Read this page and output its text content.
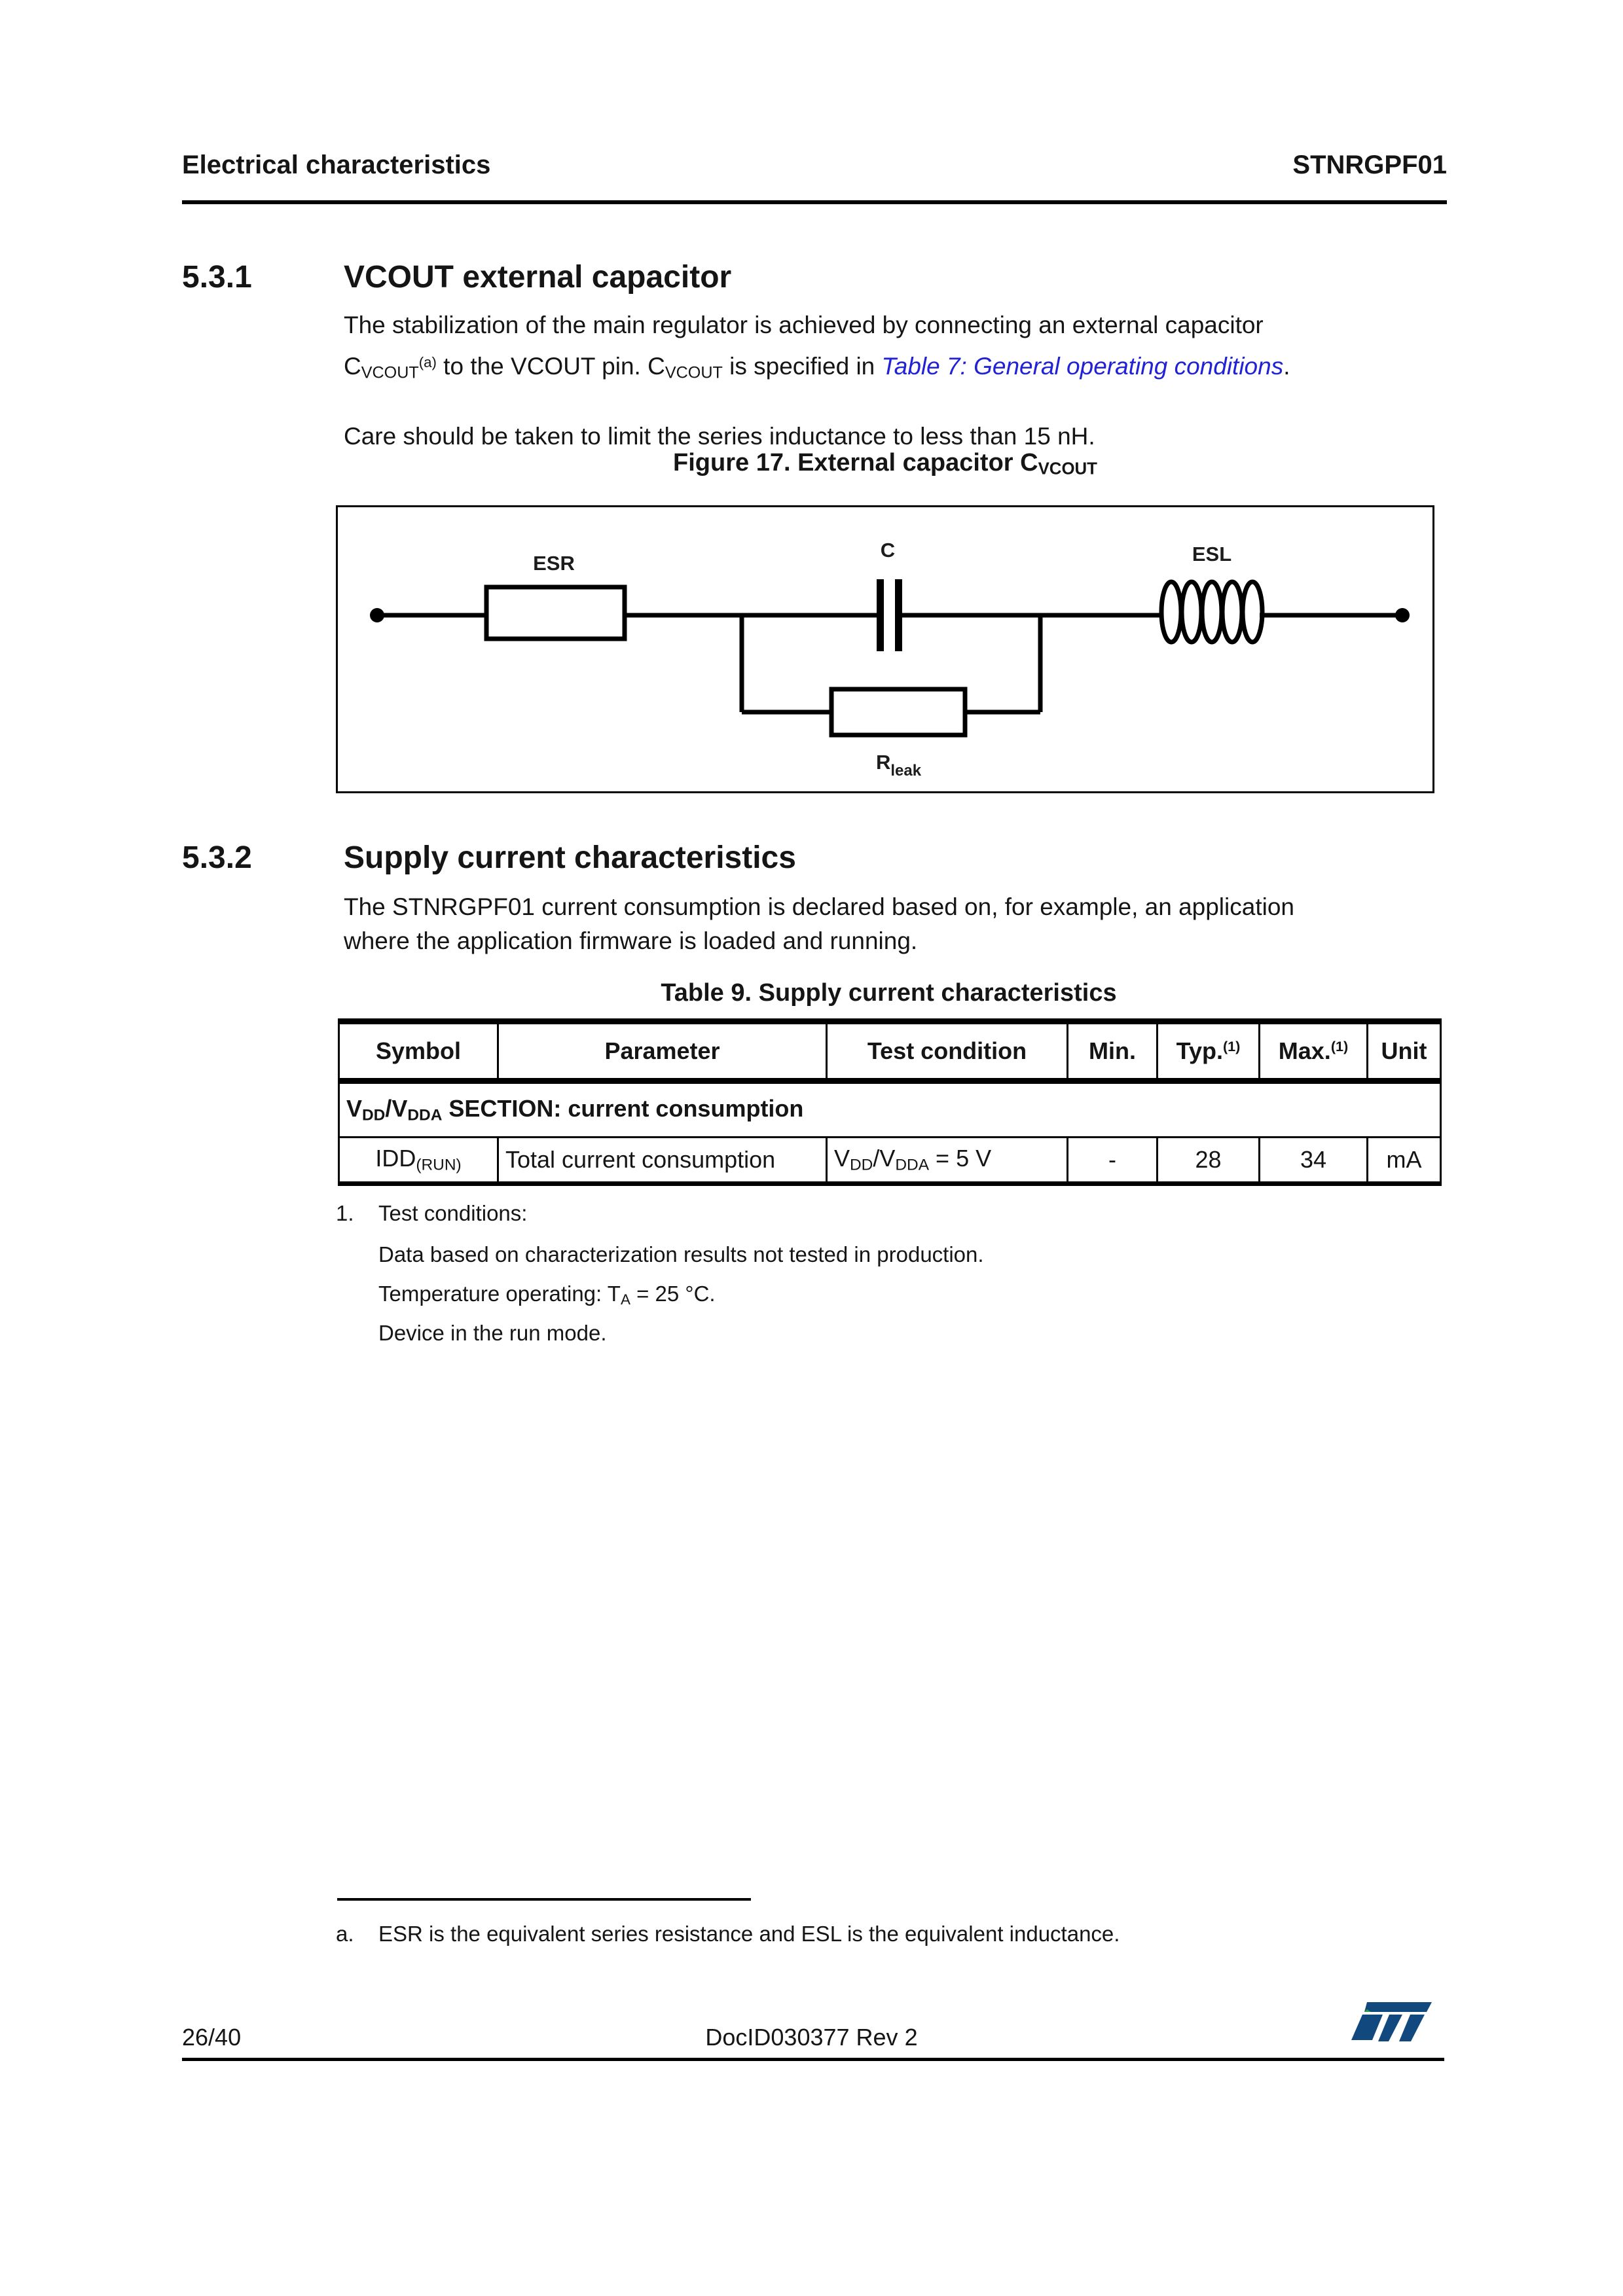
Electrical characteristics	STNRGPF01
5.3.1	VCOUT external capacitor
The stabilization of the main regulator is achieved by connecting an external capacitor
CVCOUT$^{(a)}$ to the VCOUT pin. CVCOUT is specified in Table 7: General operating conditions.
Care should be taken to limit the series inductance to less than 15 nH.
Figure 17. External capacitor CVCOUT
ESR
C	ESL
$R_{leak}$
5.3.2	Supply current characteristics
The STNRGPF01 current consumption is declared based on, for example, an application
where the application firmware is loaded and running.
Table 9. Supply current characteristics
Symbol	Parameter	Test condition	Min.	Typ.$^{(1)}$	Max.$^{(1)}$	Unit
VDD/VDDA SECTION: current consumption						
IDD(RUN)	Total current consumption	VDD/VDDA = 5 V	-	28	34	mA
1. Test conditions:
Data based on characterization results not tested in production.
Temperature operating: TA = 25 °C.
Device in the run mode.
a. ESR is the equivalent series resistance and ESL is the equivalent inductance.
26/40	DocID030377 Rev 2
